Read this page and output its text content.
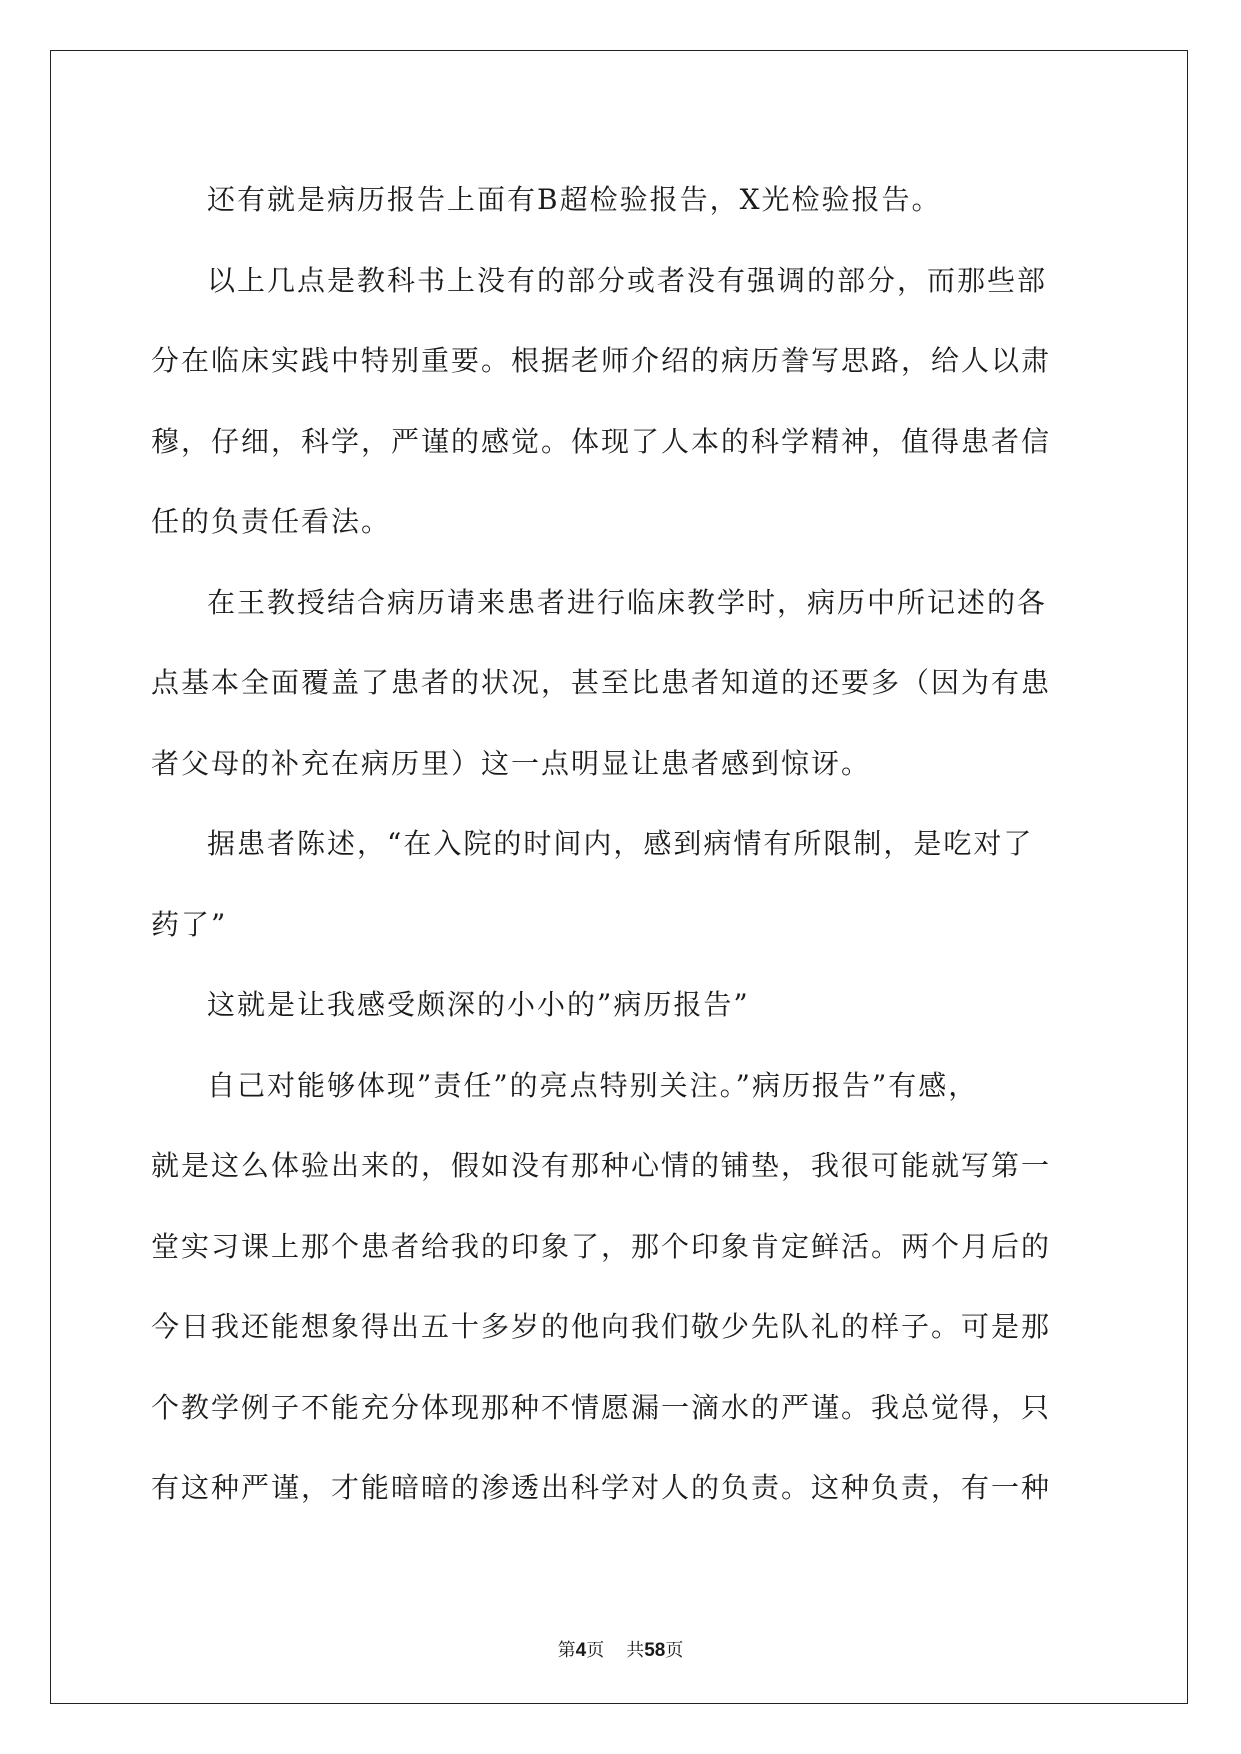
还有就是病历报告上面有B超检验报告，X光检验报告。

以上几点是教科书上没有的部分或者没有强调的部分，而那些部
分在临床实践中特别重要。根据老师介绍的病历誊写思路，给人以肃
穆，仔细，科学，严谨的感觉。体现了人本的科学精神，值得患者信
任的负责任看法。

在王教授结合病历请来患者进行临床教学时，病历中所记述的各
点基本全面覆盖了患者的状况，甚至比患者知道的还要多（因为有患
者父母的补充在病历里）这一点明显让患者感到惊讶。

据患者陈述，“在入院的时间内，感到病情有所限制，是吃对了
药了”

这就是让我感受颇深的小小的”病历报告”

自己对能够体现”责任”的亮点特别关注。”病历报告”有感，
就是这么体验出来的，假如没有那种心情的铺垫，我很可能就写第一
堂实习课上那个患者给我的印象了，那个印象肯定鲜活。两个月后的
今日我还能想象得出五十多岁的他向我们敬少先队礼的样子。可是那
个教学例子不能充分体现那种不情愿漏一滴水的严谨。我总觉得，只
有这种严谨，才能暗暗的渗透出科学对人的负责。这种负责，有一种

第4页 共58页
